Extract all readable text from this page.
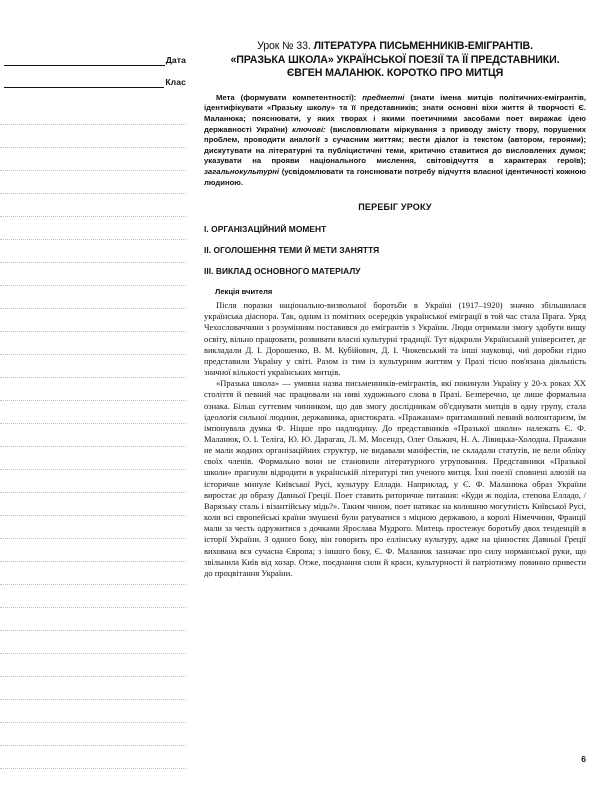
Дата
Клас
Урок № 33. ЛІТЕРАТУРА ПИСЬМЕННИКІВ-ЕМІГРАНТІВ.
«ПРАЗЬКА ШКОЛА» УКРАЇНСЬКОЇ ПОЕЗІЇ ТА ЇЇ ПРЕДСТАВНИКИ.
ЄВГЕН МАЛАНЮК. КОРОТКО ПРО МИТЦЯ

Мета (формувати компетентності): предметні (знати імена митців політичних-емігрантів, ідентифікувати «Празьку школу» та її представників; знати основні віхи життя й творчості Є. Маланюка; пояснювати, у яких творах і якими поетичними засобами поет виражає ідею державності України) ключові: (висловлювати міркування з приводу змісту твору, порушених проблем, проводити аналогії з сучасним життям; вести діалог із текстом (автором, героями); дискутувати на літературні та публіцистичні теми, критично ставитися до висловлених думок; указувати на прояви національного мислення, світовідчуття в характерах героїв); загальнокультурні (усвідомлювати та гонснювати потребу відчуття власної ідентичності кожною людиною.

ПЕРЕБІГ УРОКУ
I. ОРГАНІЗАЦІЙНИЙ МОМЕНТ
II. ОГОЛОШЕННЯ ТЕМИ Й МЕТИ ЗАНЯТТЯ
III. ВИКЛАД ОСНОВНОГО МАТЕРІАЛУ
Лекція вчителя

Після поразки національно-визвольної боротьби в Україні (1917–1920) значно збільшилася українська діаспора. Так, одним із помітних осередків української еміграції в той час стала Прага. Уряд Чехословаччини з розумінням поставився до емігрантів з України. Люди отримали змогу здобути вищу освіту, вільно працювати, розвивати власні культурні традиції. Тут відкрили Український університет, де викладали Д. І. Дорошенко, В. М. Кубійович, Д. І. Чижевський та інші науковці, чиї доробки гідно представили Україну у світі. Разом із тим із культурним життям у Празі тісно пов'язана діяльність значної кількості українських митців.

«Празька школа» — умовна назва письменників-емігрантів, які покинули Україну у 20-х роках XX століття й певний час працювали на ниві художнього слова в Празі. Безперечно, це лише формальна ознака. Більш суттєвим чинником, що дав змогу дослідникам об'єднувати митців в одну групу, стала ідеологія сильної людини, державника, аристократа. «Пражанам» притаманний певний волюнтаризм, їм імпонувала думка Ф. Ніцше про надлюдину. До представників «Празької школи» належать Є. Ф. Маланюк, О. І. Теліга, Ю. Ю. Дараган, Л. М. Мосендз, Олег Ольжич, Н. А. Лівицька-Холодна. Пражани не мали жодних організаційних структур, не видавали маніфестів, не складали статутів, не вели обліку своїх членів. Формально вони не становили літературного угруповання. Представники «Празької школи» прагнули відродити в українській літературі тип ученого митця. Їхні поезії сповнені алюзій на історичне минуле Київської Русі, культуру Еллади. Наприклад, у Є. Ф. Маланюка образ України виростає до образу Давньої Греції. Поет ставить риторичне питання: «Куди ж поділа, степова Елладо, / Варязьку сталь і візантійську мідь?». Таким чином, поет натякає на колишню могутність Київської Русі, коли всі європейські країни змушені були ратуватися з міцною державою, а королі Німеччини, Франції мали за честь одружитися з дочками Ярослава Мудрого. Митець простежує боротьбу двох тенденцій в історії України. З одного боку, він говорить про еллінську культуру, адже на цінностях Давньої Греції вихована вся сучасна Європа; з іншого боку, Є. Ф. Маланюк зазначає про силу норманської руки, що звільнила Київ від хозар. Отже, поєднання сили й краси, культурності й патріотизму повинно привести до процвітання України.

6
